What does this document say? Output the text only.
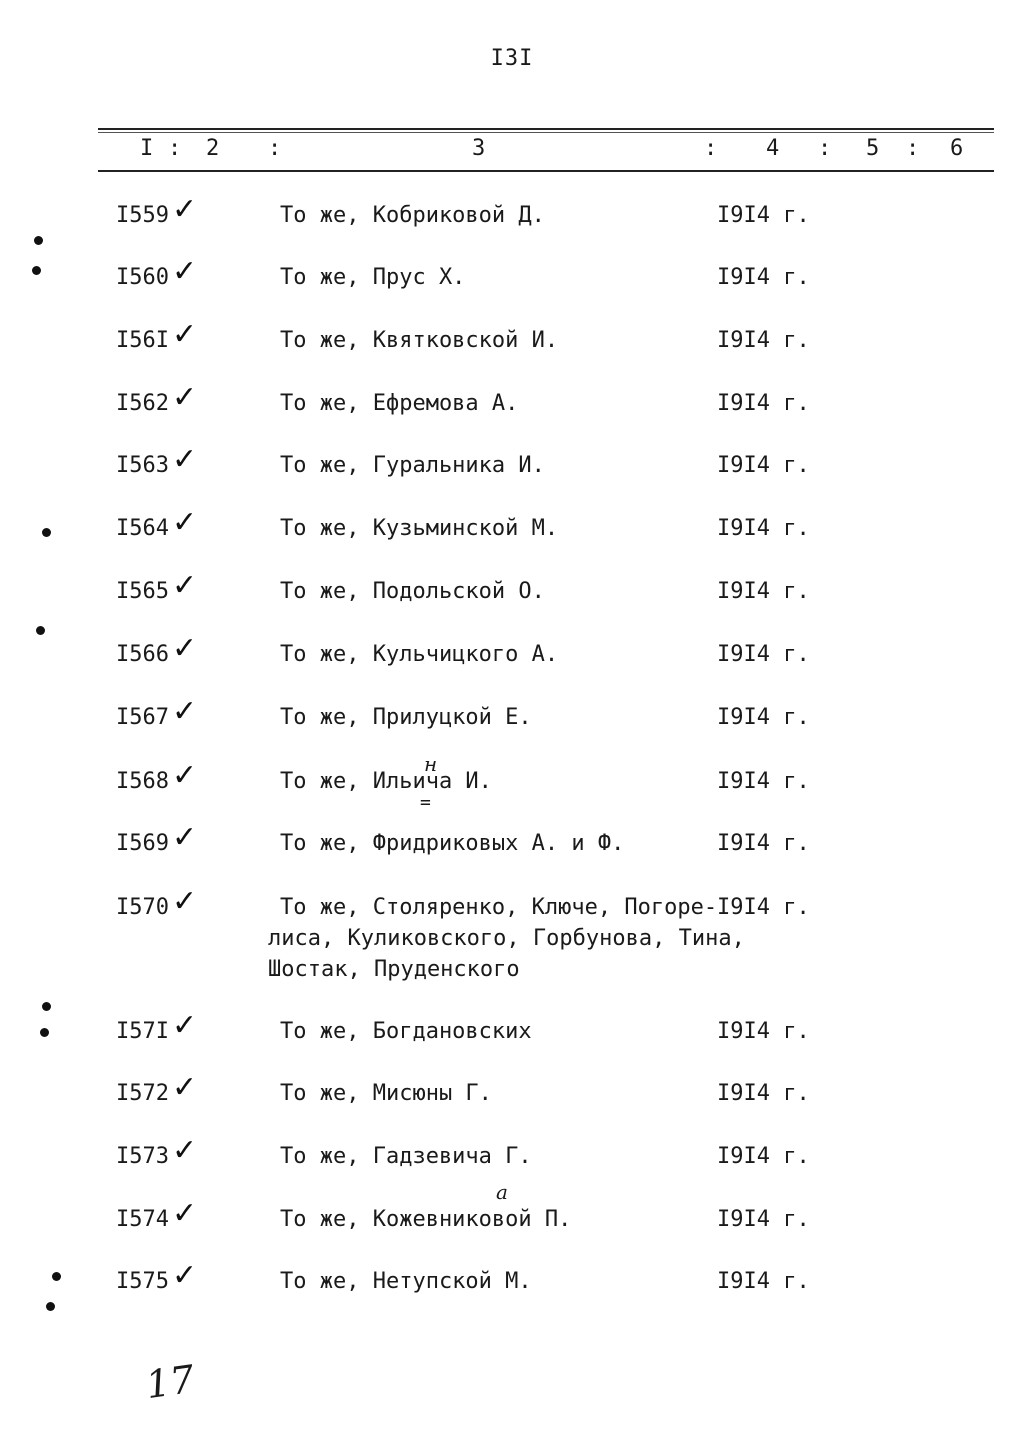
I3I
I : 2 :	3	: 4 : 5 : 6
I559 ✓	То же, Кобриковой Д.	I9I4 г.
I560 ✓	То же, Прус Х.	I9I4 г.
I56I ✓	То же, Квятковской И.	I9I4 г.
I562 ✓	То же, Ефремова А.	I9I4 г.
I563 ✓	То же, Гуральника И.	I9I4 г.
I564 ✓	То же, Кузьминской М.	I9I4 г.
I565 ✓	То же, Подольской О.	I9I4 г.
I566 ✓	То же, Кульчицкого А.	I9I4 г.
I567 ✓	То же, Прилуцкой Е.	I9I4 г.
I568 ✓	То же, Ильича И.	I9I4 г.
I569 ✓	То же, Фридриковых А. и Ф.	I9I4 г.
I570 ✓	То же, Столяренко, Ключе, Погоре-
лиса, Куликовского, Горбунова, Тина,
Шостак, Пруденского
I9I4 г.
I57I ✓	То же, Богдановских	I9I4 г.
I572 ✓	То же, Мисюны Г.	I9I4 г.
I573 ✓	То же, Гадзевича Г.	I9I4 г.
I574 ✓	То же, Кожевниковой П.	I9I4 г.
I575 ✓	То же, Нетупской М.	I9I4 г.
н
=
а
17
